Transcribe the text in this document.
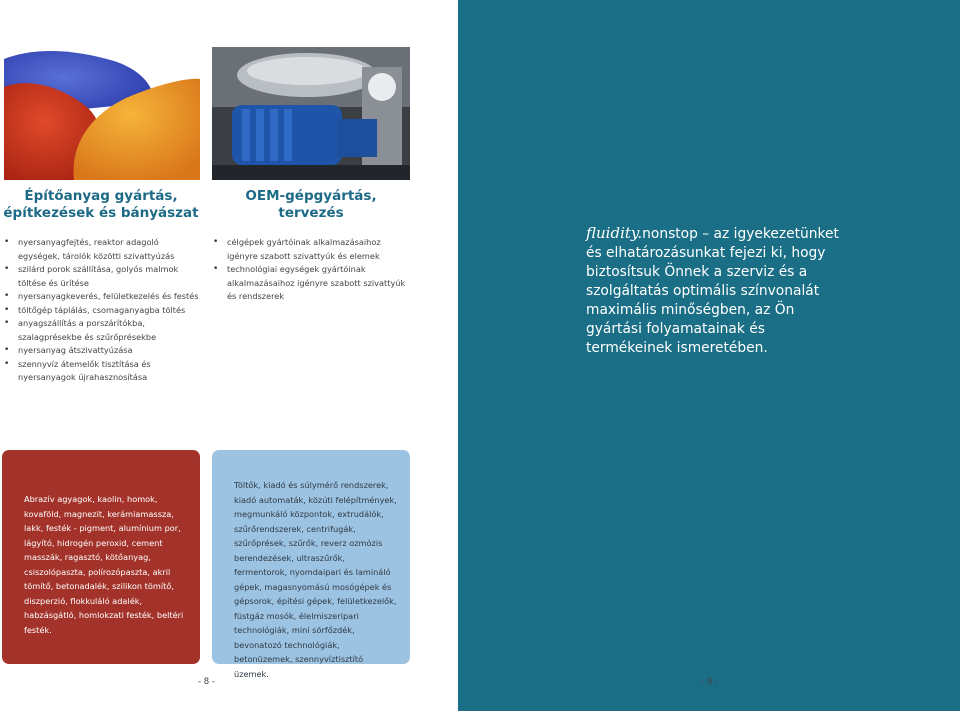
Építőanyag gyártás, építkezések és bányászat
OEM-gépgyártás, tervezés
• nyersanyagfejtés, reaktor adagoló egységek, tárolók közötti szivattyúzás
• szilárd porok szállítása, golyós malmok töltése és ürítése
• nyersanyagkeverés, felületkezelés és festés
• töltőgép táplálás, csomaganyagba töltés
• anyagszállítás a porszárítókba, szalagprésekbe és szűrőprésekbe
• nyersanyag átszivattyúzása
• szennyvíz átemelők tisztítása és nyersanyagok újrahasznosítása
• célgépek gyártóinak alkalmazásaihoz igényre szabott szivattyúk és elemek
• technológiai egységek gyártóinak alkalmazásaihoz igényre szabott szivattyúk és rendszerek

Abrazív agyagok, kaolin, homok, kovaföld, magnezit, kerámiamassza, lakk, festék - pigment, alumínium por, lágyító, hidrogén peroxid, cement masszák, ragasztó, kötőanyag, csiszolópaszta, polírozópaszta, akril tömítő, betonadalék, szilikon tömítő, diszperzió, flokkuláló adalék, habzásgátló, homlokzati festék, beltéri festék.

Töltők, kiadó és súlymérő rendszerek, kiadó automaták, közúti felépítmények, megmunkáló központok, extrudálók, szűrőrendszerek, centrifugák, szűrőprések, szűrők, reverz ozmózis berendezések, ultraszűrők, fermentorok, nyomdaipari és lamináló gépek, magasnyomású mosógépek és gépsorok, építési gépek, felületkezelők, füstgáz mosók, élelmiszeripari technológiák, mini sörfőzdék, bevonatozó technológiák, betonüzemek, szennyvíztisztító üzemek.

- 8 -

fluidity.nonstop – az igyekezetünket és elhatározásunkat fejezi ki, hogy biztosítsuk Önnek a szerviz és a szolgáltatás optimális színvonalát maximális minőségben, az Ön gyártási folyamatainak és termékeinek ismeretében.

- 9 -
